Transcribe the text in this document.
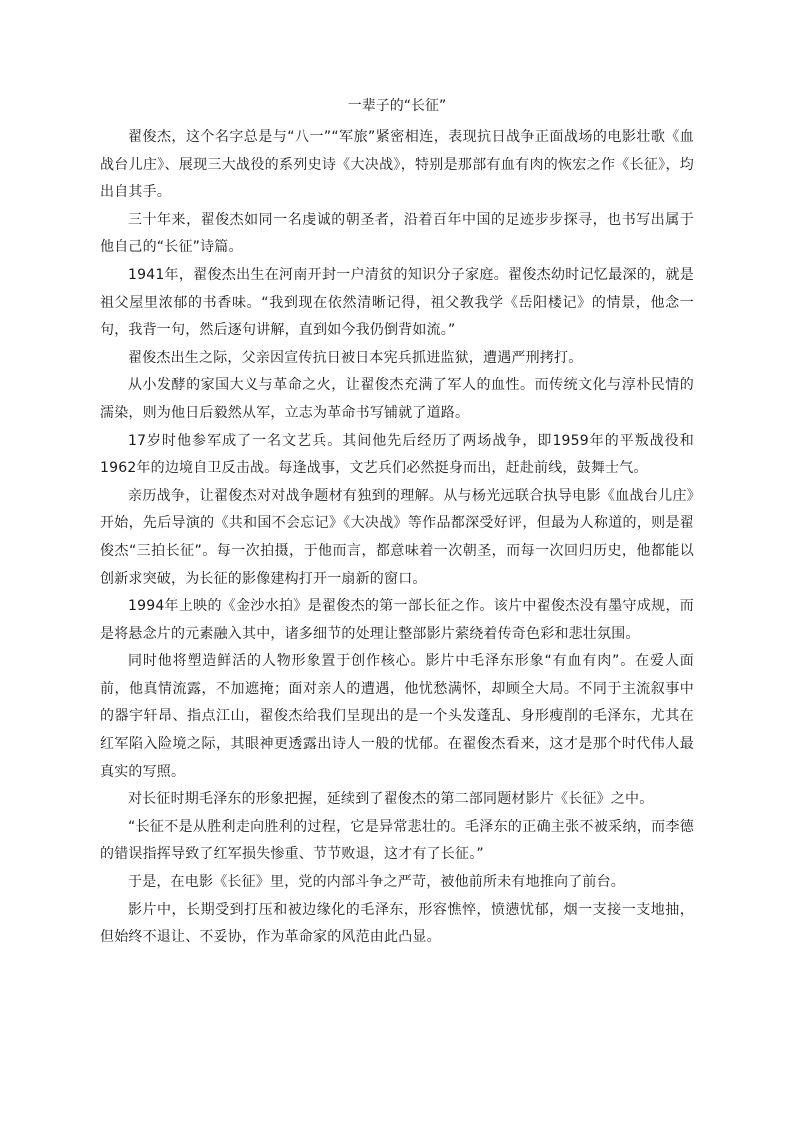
一辈子的“长征”

翟俊杰，这个名字总是与“八一”“军旅”紧密相连，表现抗日战争正面战场的电影壮歌《血战台儿庄》、展现三大战役的系列史诗《大决战》，特别是那部有血有肉的恢宏之作《长征》，均出自其手。

三十年来，翟俊杰如同一名虔诚的朝圣者，沿着百年中国的足迹步步探寻，也书写出属于他自己的“长征”诗篇。

1941年，翟俊杰出生在河南开封一户清贫的知识分子家庭。翟俊杰幼时记忆最深的，就是祖父屋里浓郁的书香味。“我到现在依然清晰记得，祖父教我学《岳阳楼记》的情景，他念一句，我背一句，然后逐句讲解，直到如今我仍倒背如流。”

翟俊杰出生之际，父亲因宣传抗日被日本宪兵抓进监狱，遭遇严刑拷打。

从小发酵的家国大义与革命之火，让翟俊杰充满了军人的血性。而传统文化与淳朴民情的濡染，则为他日后毅然从军，立志为革命书写铺就了道路。

17岁时他参军成了一名文艺兵。其间他先后经历了两场战争，即1959年的平叛战役和1962年的边境自卫反击战。每逢战事，文艺兵们必然挺身而出，赶赴前线，鼓舞士气。

亲历战争，让翟俊杰对对战争题材有独到的理解。从与杨光远联合执导电影《血战台儿庄》开始，先后导演的《共和国不会忘记》《大决战》等作品都深受好评，但最为人称道的，则是翟俊杰“三拍长征”。每一次拍摄，于他而言，都意味着一次朝圣，而每一次回归历史，他都能以创新求突破，为长征的影像建构打开一扇新的窗口。

1994年上映的《金沙水拍》是翟俊杰的第一部长征之作。该片中翟俊杰没有墨守成规，而是将悬念片的元素融入其中，诸多细节的处理让整部影片萦绕着传奇色彩和悲壮氛围。

同时他将塑造鲜活的人物形象置于创作核心。影片中毛泽东形象“有血有肉”。在爱人面前，他真情流露，不加遮掩；面对亲人的遭遇，他忧愁满怀，却顾全大局。不同于主流叙事中的器宇轩昂、指点江山，翟俊杰给我们呈现出的是一个头发蓬乱、身形瘦削的毛泽东，尤其在红军陷入险境之际，其眼神更透露出诗人一般的忧郁。在翟俊杰看来，这才是那个时代伟人最真实的写照。

对长征时期毛泽东的形象把握，延续到了翟俊杰的第二部同题材影片《长征》之中。

“长征不是从胜利走向胜利的过程，它是异常悲壮的。毛泽东的正确主张不被采纳，而李德的错误指挥导致了红军损失惨重、节节败退，这才有了长征。”

于是，在电影《长征》里，党的内部斗争之严苛，被他前所未有地推向了前台。

影片中，长期受到打压和被边缘化的毛泽东，形容憔悴，愤懑忧郁，烟一支接一支地抽，但始终不退让、不妥协，作为革命家的风范由此凸显。
